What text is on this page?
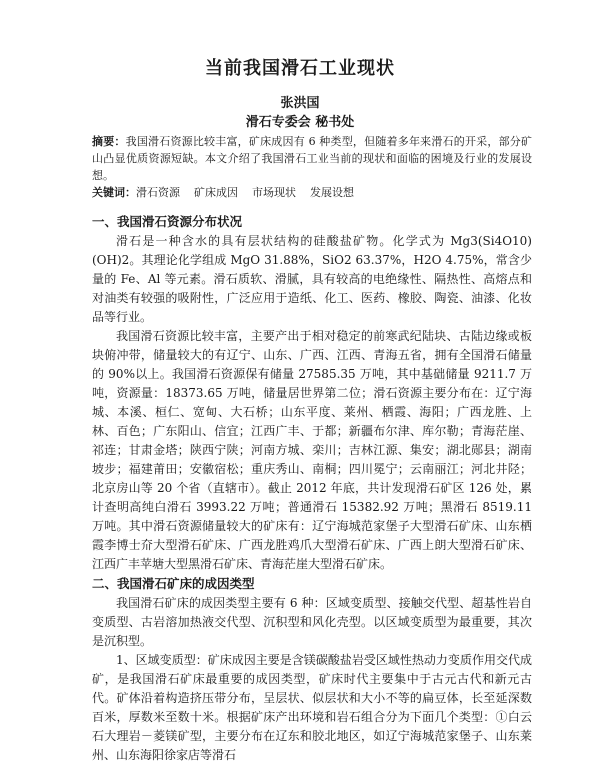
当前我国滑石工业现状
张洪国
滑石专委会 秘书处

摘要：我国滑石资源比较丰富，矿床成因有 6 种类型，但随着多年来滑石的开采，部分矿山凸显优质资源短缺。本文介绍了我国滑石工业当前的现状和面临的困境及行业的发展设想。

关键词：滑石资源 矿床成因 市场现状 发展设想

一、我国滑石资源分布状况

滑石是一种含水的具有层状结构的硅酸盐矿物。化学式为 Mg3(Si4O10)(OH)2。其理论化学组成 MgO 31.88%，SiO2 63.37%，H2O 4.75%，常含少量的 Fe、Al 等元素。滑石质软、滑腻，具有较高的电绝缘性、隔热性、高熔点和对油类有较强的吸附性，广泛应用于造纸、化工、医药、橡胶、陶瓷、油漆、化妆品等行业。

我国滑石资源比较丰富，主要产出于相对稳定的前寒武纪陆块、古陆边缘或板块俯冲带，储量较大的有辽宁、山东、广西、江西、青海五省，拥有全国滑石储量的 90%以上。我国滑石资源保有储量 27585.35 万吨，其中基础储量 9211.7 万吨，资源量：18373.65 万吨，储量居世界第二位；滑石资源主要分布在：辽宁海城、本溪、桓仁、宽甸、大石桥；山东平度、莱州、栖霞、海阳；广西龙胜、上林、百色；广东阳山、信宜；江西广丰、于都；新疆布尔津、库尔勒；青海茫崖、祁连；甘肃金塔；陕西宁陕；河南方城、栾川；吉林江源、集安；湖北郧县；湖南坡步；福建莆田；安徽宿松；重庆秀山、南桐；四川冕宁；云南丽江；河北井陉；北京房山等 20 个省（直辖市）。截止 2012 年底，共计发现滑石矿区 126 处，累计查明高纯白滑石 3993.22 万吨；普通滑石 15382.92 万吨；黑滑石 8519.11 万吨。其中滑石资源储量较大的矿床有：辽宁海城范家堡子大型滑石矿床、山东栖霞李博士夼大型滑石矿床、广西龙胜鸡爪大型滑石矿床、广西上朗大型滑石矿床、江西广丰苹塘大型黑滑石矿床、青海茫崖大型滑石矿床。

二、我国滑石矿床的成因类型

我国滑石矿床的成因类型主要有 6 种：区域变质型、接触交代型、超基性岩自变质型、古岩溶加热液交代型、沉积型和风化壳型。以区域变质型为最重要，其次是沉积型。

1、区域变质型：矿床成因主要是含镁碳酸盐岩受区域性热动力变质作用交代成矿，是我国滑石矿床最重要的成因类型，矿床时代主要集中于古元古代和新元古代。矿体沿着构造挤压带分布，呈层状、似层状和大小不等的扁豆体，长至延深数百米，厚数米至数十米。根据矿床产出环境和岩石组合分为下面几个类型：①白云石大理岩－菱镁矿型，主要分布在辽东和胶北地区，如辽宁海城范家堡子、山东莱州、山东海阳徐家店等滑石
